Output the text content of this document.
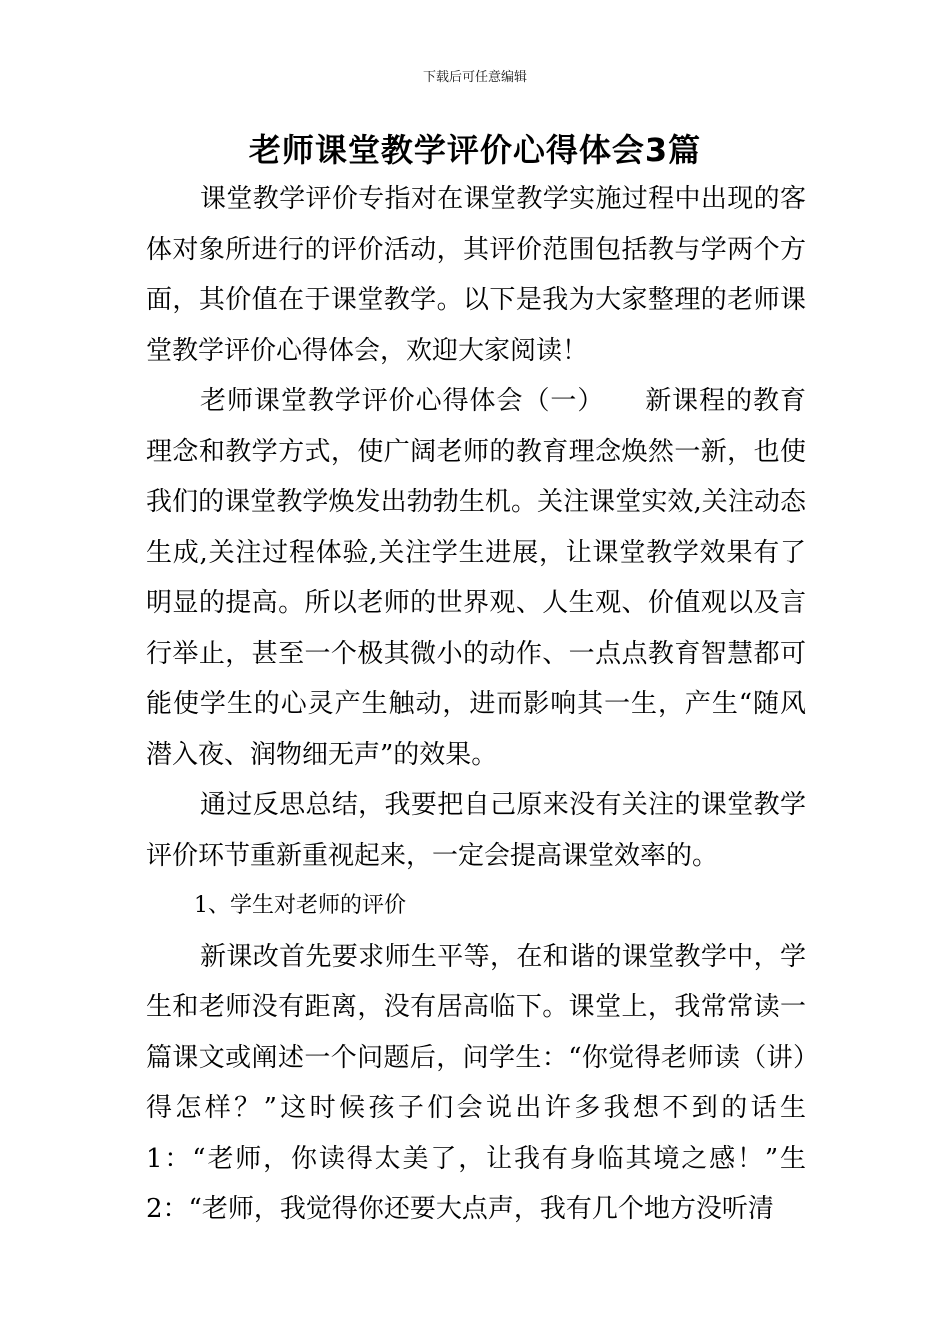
下载后可任意编辑
老师课堂教学评价心得体会3篇

课堂教学评价专指对在课堂教学实施过程中出现的客体对象所进行的评价活动，其评价范围包括教与学两个方面，其价值在于课堂教学。以下是我为大家整理的老师课堂教学评价心得体会，欢迎大家阅读！

老师课堂教学评价心得体会（一）　　新课程的教育理念和教学方式，使广阔老师的教育理念焕然一新，也使我们的课堂教学焕发出勃勃生机。关注课堂实效,关注动态生成,关注过程体验,关注学生进展，让课堂教学效果有了明显的提高。所以老师的世界观、人生观、价值观以及言行举止，甚至一个极其微小的动作、一点点教育智慧都可能使学生的心灵产生触动，进而影响其一生，产生“随风潜入夜、润物细无声”的效果。

通过反思总结，我要把自己原来没有关注的课堂教学评价环节重新重视起来，一定会提高课堂效率的。

1、学生对老师的评价

新课改首先要求师生平等，在和谐的课堂教学中，学生和老师没有距离，没有居高临下。课堂上，我常常读一篇课文或阐述一个问题后，问学生：“你觉得老师读（讲）得怎样？”这时候孩子们会说出许多我想不到的话生1：“老师，你读得太美了，让我有身临其境之感！”生2：“老师，我觉得你还要大点声，我有几个地方没听清
